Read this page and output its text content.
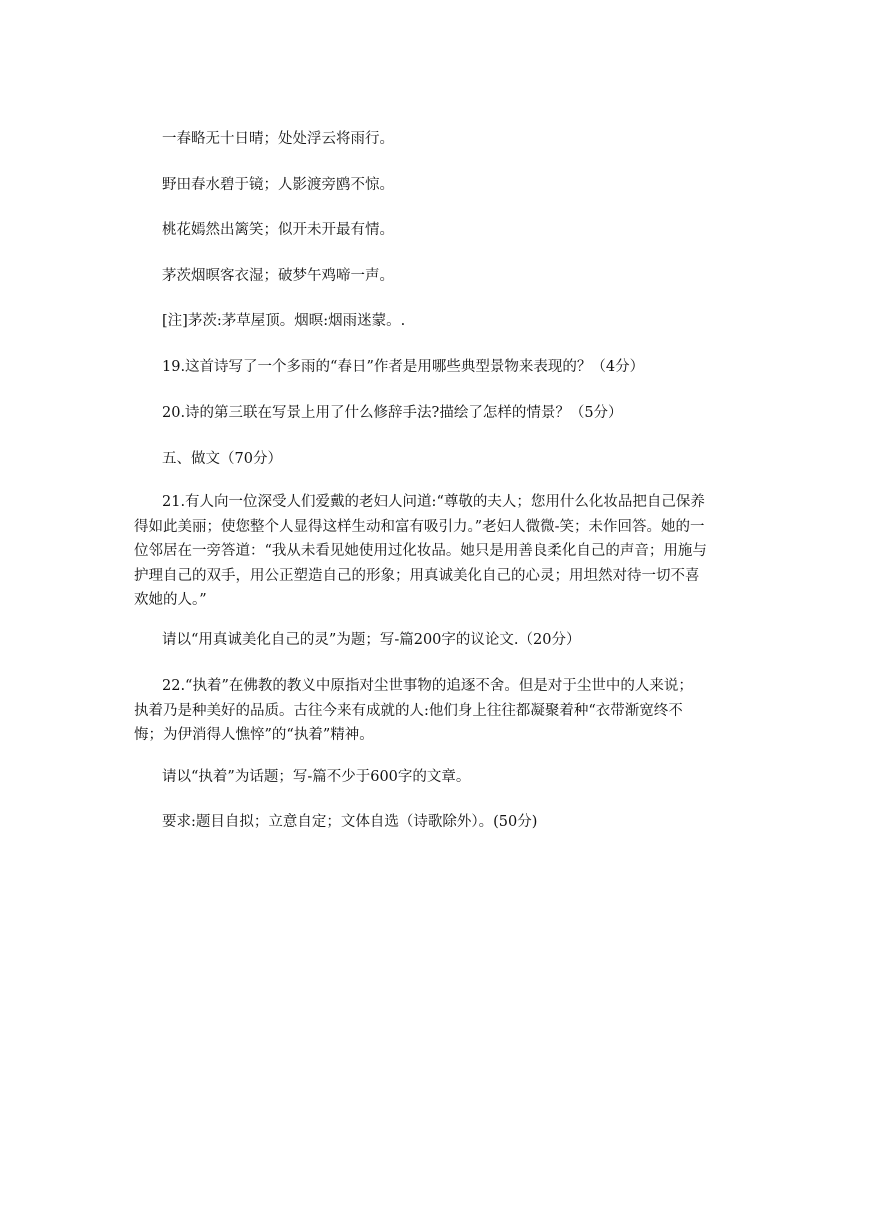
一春略无十日晴；处处浮云将雨行。

野田春水碧于镜；人影渡旁鸥不惊。

桃花嫣然出篱笑；似开未开最有情。

茅茨烟暝客衣湿；破梦午鸡啼一声。

[注]茅茨:茅草屋顶。烟暝:烟雨迷蒙。.

19.这首诗写了一个多雨的“春日”作者是用哪些典型景物来表现的？（4分）

20.诗的第三联在写景上用了什么修辞手法?描绘了怎样的情景？（5分）

五、做文（70分）

21.有人向一位深受人们爱戴的老妇人问道:“尊敬的夫人；您用什么化妆品把自己保养得如此美丽；使您整个人显得这样生动和富有吸引力。”老妇人微微-笑；未作回答。她的一位邻居在一旁答道：“我从未看见她使用过化妆品。她只是用善良柔化自己的声音；用施与护理自己的双手，用公正塑造自己的形象；用真诚美化自己的心灵；用坦然对待一切不喜欢她的人。”

请以“用真诚美化自己的灵”为题；写-篇200字的议论文.（20分）

22.“执着”在佛教的教义中原指对尘世事物的追逐不舍。但是对于尘世中的人来说；执着乃是种美好的品质。古往今来有成就的人:他们身上往往都凝聚着种“衣带渐宽终不悔；为伊消得人憔悴”的“执着”精神。

请以“执着”为话题；写-篇不少于600字的文章。

要求:题目自拟；立意自定；文体自选（诗歌除外）。(50分)
